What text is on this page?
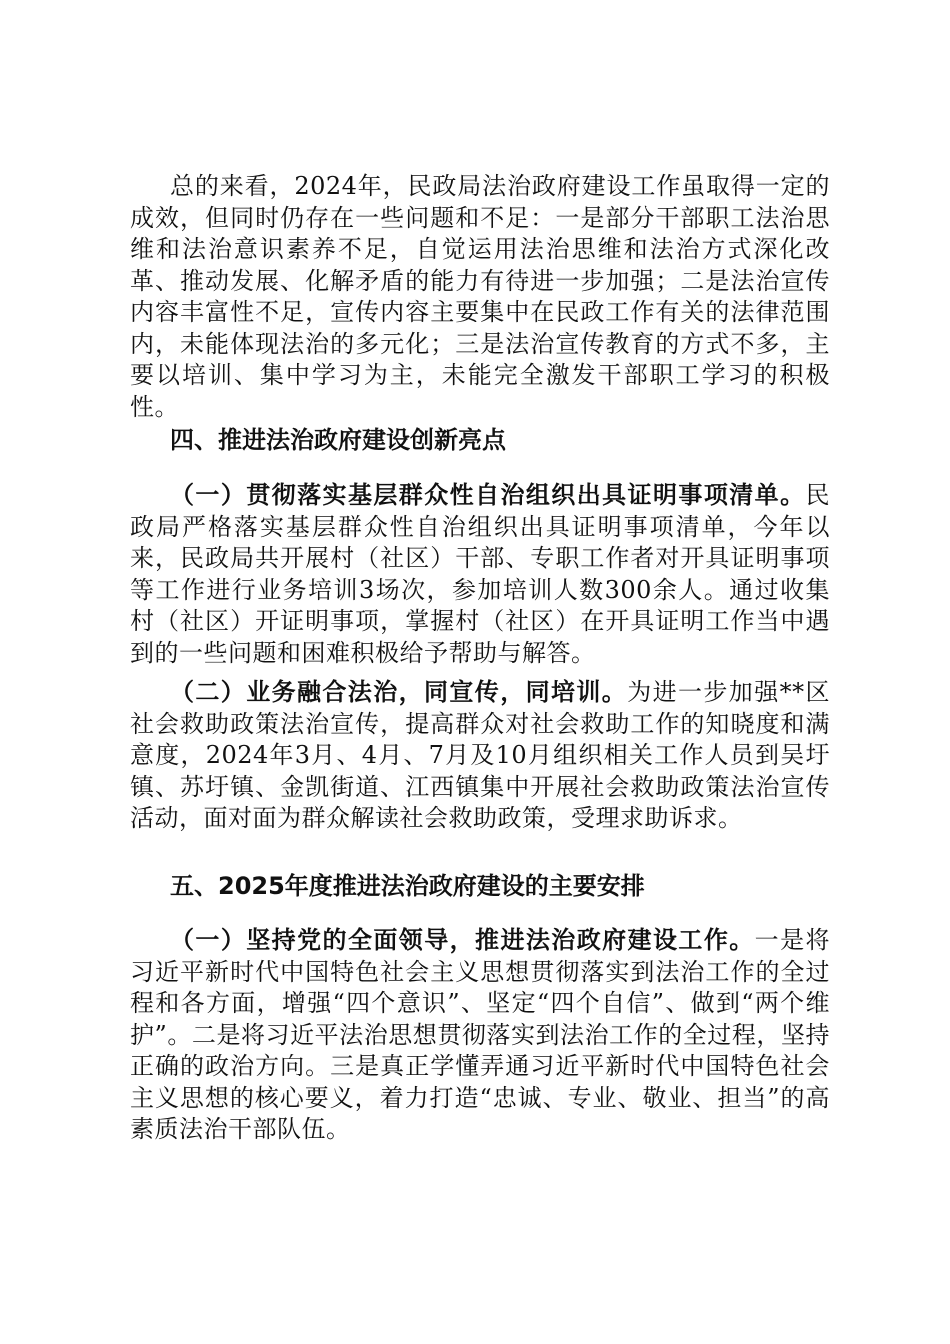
总的来看，2024年，民政局法治政府建设工作虽取得一定的成效，但同时仍存在一些问题和不足：一是部分干部职工法治思维和法治意识素养不足，自觉运用法治思维和法治方式深化改革、推动发展、化解矛盾的能力有待进一步加强；二是法治宣传内容丰富性不足，宣传内容主要集中在民政工作有关的法律范围内，未能体现法治的多元化；三是法治宣传教育的方式不多，主要以培训、集中学习为主，未能完全激发干部职工学习的积极性。

四、推进法治政府建设创新亮点

（一）贯彻落实基层群众性自治组织出具证明事项清单。民政局严格落实基层群众性自治组织出具证明事项清单，今年以来，民政局共开展村（社区）干部、专职工作者对开具证明事项等工作进行业务培训3场次，参加培训人数300余人。通过收集村（社区）开证明事项，掌握村（社区）在开具证明工作当中遇到的一些问题和困难积极给予帮助与解答。

（二）业务融合法治，同宣传，同培训。为进一步加强**区社会救助政策法治宣传，提高群众对社会救助工作的知晓度和满意度，2024年3月、4月、7月及10月组织相关工作人员到吴圩镇、苏圩镇、金凯街道、江西镇集中开展社会救助政策法治宣传活动，面对面为群众解读社会救助政策，受理求助诉求。

五、2025年度推进法治政府建设的主要安排

（一）坚持党的全面领导，推进法治政府建设工作。一是将习近平新时代中国特色社会主义思想贯彻落实到法治工作的全过程和各方面，增强“四个意识”、坚定“四个自信”、做到“两个维护”。二是将习近平法治思想贯彻落实到法治工作的全过程，坚持正确的政治方向。三是真正学懂弄通习近平新时代中国特色社会主义思想的核心要义，着力打造“忠诚、专业、敬业、担当”的高素质法治干部队伍。
